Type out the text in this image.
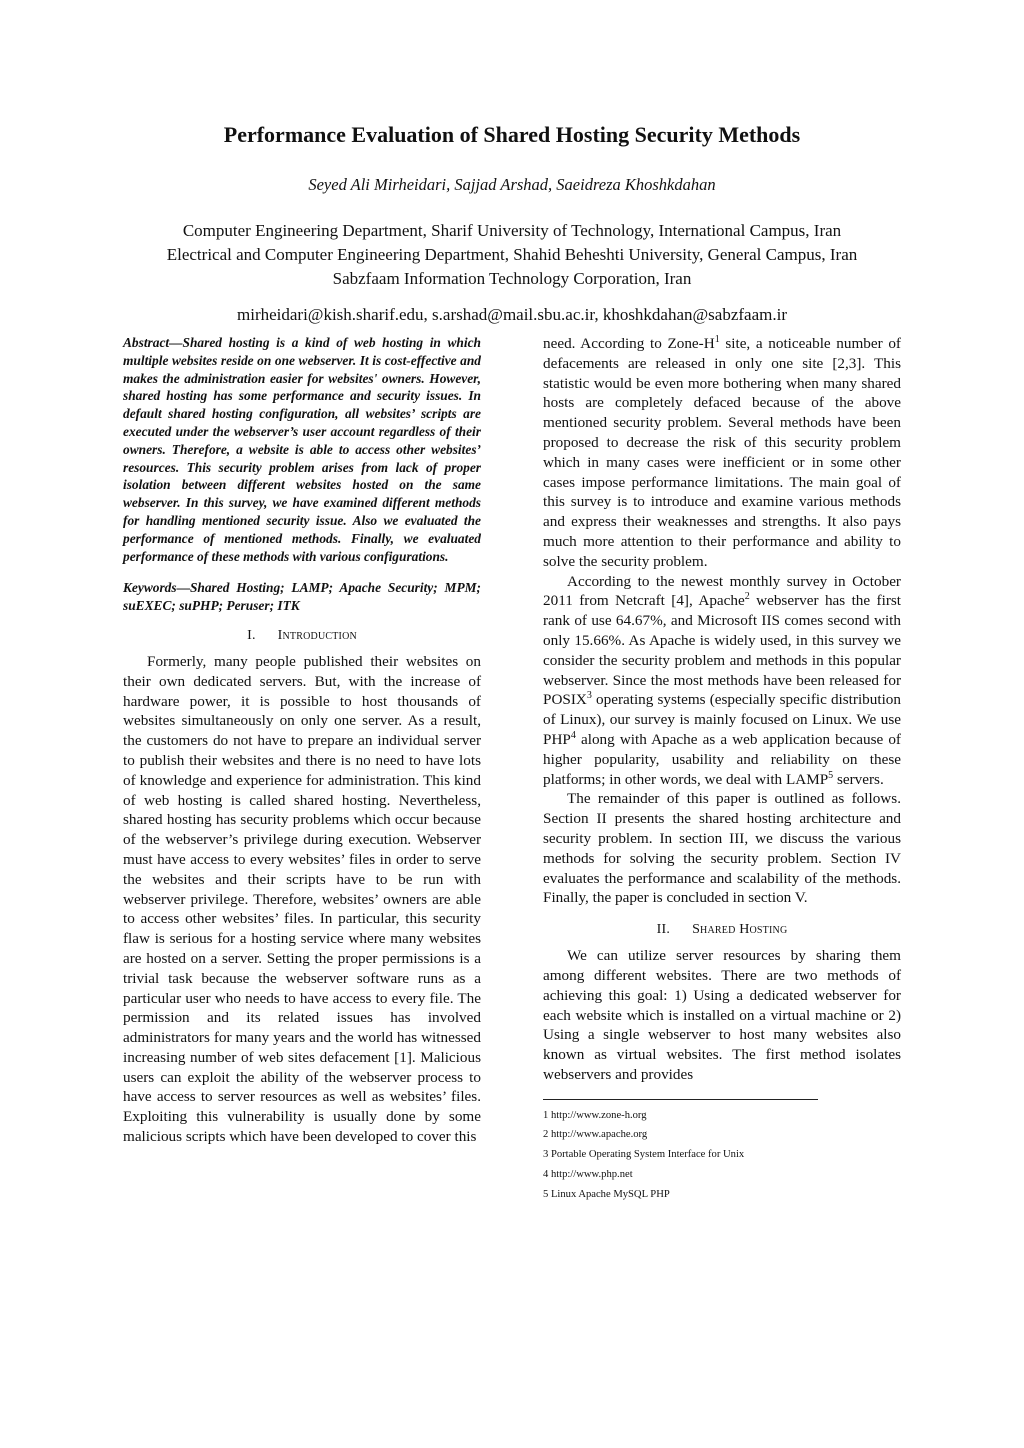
Performance Evaluation of Shared Hosting Security Methods
Seyed Ali Mirheidari, Sajjad Arshad, Saeidreza Khoshkdahan
Computer Engineering Department, Sharif University of Technology, International Campus, Iran
Electrical and Computer Engineering Department, Shahid Beheshti University, General Campus, Iran
Sabzfaam Information Technology Corporation, Iran
mirheidari@kish.sharif.edu, s.arshad@mail.sbu.ac.ir, khoshkdahan@sabzfaam.ir

Abstract—Shared hosting is a kind of web hosting in which multiple websites reside on one webserver. It is cost-effective and makes the administration easier for websites' owners. However, shared hosting has some performance and security issues. In default shared hosting configuration, all websites’ scripts are executed under the webserver’s user account regardless of their owners. Therefore, a website is able to access other websites’ resources. This security problem arises from lack of proper isolation between different websites hosted on the same webserver. In this survey, we have examined different methods for handling mentioned security issue. Also we evaluated the performance of mentioned methods. Finally, we evaluated performance of these methods with various configurations.

Keywords—Shared Hosting; LAMP; Apache Security; MPM; suEXEC; suPHP; Peruser; ITK

I. Introduction

Formerly, many people published their websites on their own dedicated servers. But, with the increase of hardware power, it is possible to host thousands of websites simultaneously on only one server. As a result, the customers do not have to prepare an individual server to publish their websites and there is no need to have lots of knowledge and experience for administration. This kind of web hosting is called shared hosting. Nevertheless, shared hosting has security problems which occur because of the webserver’s privilege during execution. Webserver must have access to every websites’ files in order to serve the websites and their scripts have to be run with webserver privilege. Therefore, websites’ owners are able to access other websites’ files. In particular, this security flaw is serious for a hosting service where many websites are hosted on a server. Setting the proper permissions is a trivial task because the webserver software runs as a particular user who needs to have access to every file. The permission and its related issues has involved administrators for many years and the world has witnessed increasing number of web sites defacement [1]. Malicious users can exploit the ability of the webserver process to have access to server resources as well as websites’ files. Exploiting this vulnerability is usually done by some malicious scripts which have been developed to cover this

need. According to Zone-$H^1$ site, a noticeable number of defacements are released in only one site [2,3]. This statistic would be even more bothering when many shared hosts are completely defaced because of the above mentioned security problem. Several methods have been proposed to decrease the risk of this security problem which in many cases were inefficient or in some other cases impose performance limitations. The main goal of this survey is to introduce and examine various methods and express their weaknesses and strengths. It also pays much more attention to their performance and ability to solve the security problem.

According to the newest monthly survey in October 2011 from Netcraft [4], Apache$^2$ webserver has the first rank of use 64.67%, and Microsoft IIS comes second with only 15.66%. As Apache is widely used, in this survey we consider the security problem and methods in this popular webserver. Since the most methods have been released for POSIX$^3$ operating systems (especially specific distribution of Linux), our survey is mainly focused on Linux. We use PHP$^4$ along with Apache as a web application because of higher popularity, usability and reliability on these platforms; in other words, we deal with LAMP$^5$ servers.

The remainder of this paper is outlined as follows. Section II presents the shared hosting architecture and security problem. In section III, we discuss the various methods for solving the security problem. Section IV evaluates the performance and scalability of the methods. Finally, the paper is concluded in section V.

II. Shared Hosting

We can utilize server resources by sharing them among different websites. There are two methods of achieving this goal: 1) Using a dedicated webserver for each website which is installed on a virtual machine or 2) Using a single webserver to host many websites also known as virtual websites. The first method isolates webservers and provides

1 http://www.zone-h.org
2 http://www.apache.org
3 Portable Operating System Interface for Unix
4 http://www.php.net
5 Linux Apache MySQL PHP
